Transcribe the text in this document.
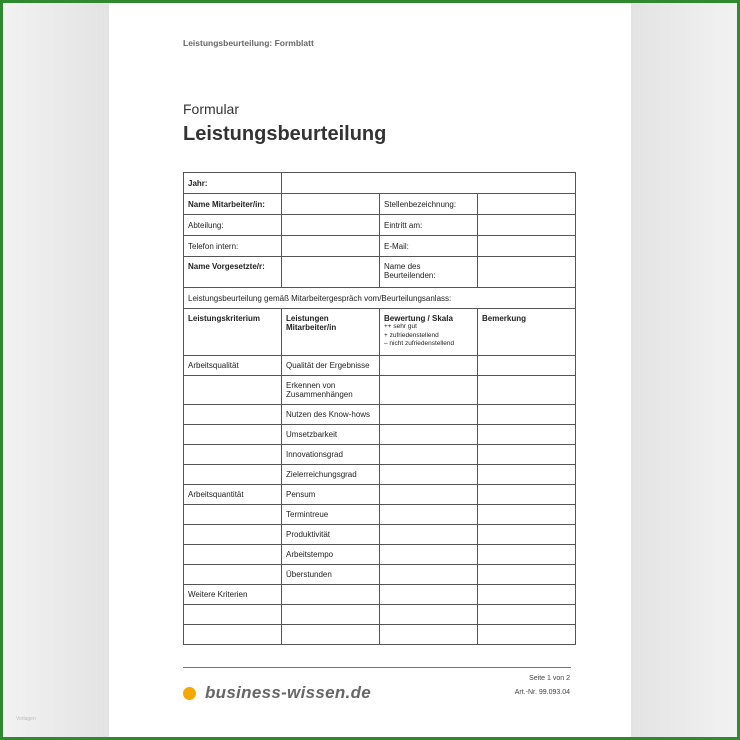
Leistungsbeurteilung: Formblatt
Formular
Leistungsbeurteilung
Jahr:			
Name Mitarbeiter/in:		Stellenbezeichnung:	
Abteilung:		Eintritt am:	
Telefon intern:		E-Mail:	
Name Vorgesetzte/r:		Name des Beurteilenden:	
Leistungsbeurteilung gemäß Mitarbeitergespräch vom/Beurteilungsanlass:			
Leistungskriterium	Leistungen Mitarbeiter/in	Bewertung / Skala
++ sehr gut
+ zufriedenstellend
– nicht zufriedenstellend	Bemerkung
Arbeitsqualität	Qualität der Ergebnisse		
	Erkennen von Zusammenhängen		
	Nutzen des Know-hows		
	Umsetzbarkeit		
	Innovationsgrad		
	Zielerreichungsgrad		
Arbeitsquantität	Pensum		
	Termintreue		
	Produktivität		
	Arbeitstempo		
	Überstunden		
Weitere Kriterien			

Seite 1 von 2
Art.-Nr. 99.093.04
business-wissen.de
Vorlagen
